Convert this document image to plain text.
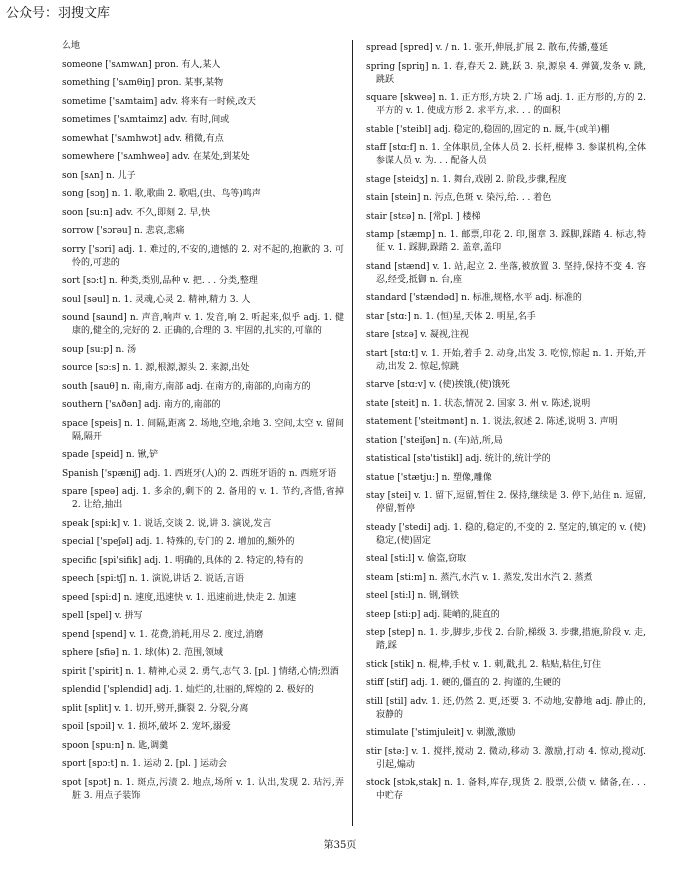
公众号：羽搜文库

么地

someone ['sʌmwʌn] pron. 有人,某人

something ['sʌmθiŋ] pron. 某事,某物

sometime ['sʌmtaim] adv. 将来有一时候,改天

sometimes ['sʌmtaimz] adv. 有时,间或

somewhat ['sʌmhwɔt] adv. 稍微,有点

somewhere ['sʌmhweə] adv. 在某处,到某处

son [sʌn] n. 儿子

song [sɔŋ] n. 1. 歌,歌曲 2. 歌唱,(虫、鸟等)鸣声

soon [su:n] adv. 不久,即刻 2. 早,快

sorrow ['sɔrəu] n. 悲哀,悲痛

sorry ['sɔri] adj. 1. 难过的,不安的,遗憾的 2. 对不起的,抱歉的 3. 可怜的,可悲的

sort [sɔ:t] n. 种类,类别,品种 v. 把. . . 分类,整理

soul [səul] n. 1. 灵魂,心灵 2. 精神,精力 3. 人

sound [saund] n. 声音,响声 v. 1. 发音,响 2. 听起来,似乎 adj. 1. 健康的,健全的,完好的 2. 正确的,合理的 3. 牢固的,扎实的,可靠的

soup [su:p] n. 汤

source [sɔ:s] n. 1. 源,根源,源头 2. 来源,出处

south [sauθ] n. 南,南方,南部 adj. 在南方的,南部的,向南方的

southern ['sʌðən] adj. 南方的,南部的

space [speis] n. 1. 间隔,距离 2. 场地,空地,余地 3. 空间,太空 v. 留间隔,隔开

spade [speid] n. 锹,铲

Spanish ['spæniʃ] adj. 1. 西班牙(人)的 2. 西班牙语的 n. 西班牙语

spare [speə] adj. 1. 多余的,剩下的 2. 备用的 v. 1. 节约,吝惜,省掉 2. 让给,抽出

speak [spi:k] v. 1. 说话,交谈 2. 说,讲 3. 演说,发言

special ['speʃəl] adj. 1. 特殊的,专门的 2. 增加的,额外的

specific [spi'sifik] adj. 1. 明确的,具体的 2. 特定的,特有的

speech [spi:tʃ] n. 1. 演说,讲话 2. 说话,言语

speed [spi:d] n. 速度,迅速快 v. 1. 迅速前进,快走 2. 加速

spell [spel] v. 拼写

spend [spend] v. 1. 花费,消耗,用尽 2. 度过,消磨

sphere [sfiə] n. 1. 球(体) 2. 范围,领域

spirit ['spirit] n. 1. 精神,心灵 2. 勇气,志气 3. [pl. ] 情绪,心情;烈酒

splendid ['splendid] adj. 1. 灿烂的,壮丽的,辉煌的 2. 极好的

split [split] v. 1. 切开,劈开,撕裂 2. 分裂,分离

spoil [spɔil] v. 1. 损坏,破坏 2. 宠坏,溺爱

spoon [spu:n] n. 匙,调羹

sport [spɔ:t] n. 1. 运动 2. [pl. ] 运动会

spot [spɔt] n. 1. 斑点,污渍 2. 地点,场所 v. 1. 认出,发现 2. 玷污,弄脏 3. 用点子装饰

spread [spred] v. / n. 1. 张开,伸展,扩展 2. 散布,传播,蔓延

spring [spriŋ] n. 1. 春,春天 2. 跳,跃 3. 泉,源泉 4. 弹簧,发条 v. 跳,跳跃

square [skweə] n. 1. 正方形,方块 2. 广场 adj. 1. 正方形的,方的 2. 平方的 v. 1. 使成方形 2. 求平方,求. . . 的面积

stable ['steibl] adj. 稳定的,稳固的,固定的 n. 厩,牛(或羊)棚

staff [stɑ:f] n. 1. 全体职员,全体人员 2. 长杆,棍棒 3. 参谋机构,全体参谋人员 v. 为. . . 配备人员

stage [steidʒ] n. 1. 舞台,戏剧 2. 阶段,步骤,程度

stain [stein] n. 污点,色斑 v. 染污,给. . . 着色

stair [stɛə] n. [常pl. ] 楼梯

stamp [stæmp] n. 1. 邮票,印花 2. 印,图章 3. 踩脚,踩踏 4. 标志,特征 v. 1. 踩脚,跺踏 2. 盖章,盖印

stand [stænd] v. 1. 站,起立 2. 坐落,被放置 3. 坚持,保持不变 4. 容忍,经受,抵御 n. 台,座

standard ['stændəd] n. 标准,规格,水平 adj. 标准的

star [stɑ:] n. 1. (恒)星,天体 2. 明星,名手

stare [stɛə] v. 凝视,注视

start [stɑ:t] v. 1. 开始,着手 2. 动身,出发 3. 吃惊,惊起 n. 1. 开始,开动,出发 2. 惊起,惊跳

starve [stɑ:v] v. (使)挨饿,(使)饿死

state [steit] n. 1. 状态,情况 2. 国家 3. 州 v. 陈述,说明

statement ['steitmənt] n. 1. 说法,叙述 2. 陈述,说明 3. 声明

station ['steiʃən] n. (车)站,所,局

statistical [stə'tistikl] adj. 统计的,统计学的

statue ['stætju:] n. 塑像,雕像

stay [stei] v. 1. 留下,逗留,暂住 2. 保持,继续是 3. 停下,站住 n. 逗留,停留,暂停

steady ['stedi] adj. 1. 稳的,稳定的,不变的 2. 坚定的,镇定的 v. (使)稳定,(使)固定

steal [sti:l] v. 偷盗,窃取

steam [sti:m] n. 蒸汽,水汽 v. 1. 蒸发,发出水汽 2. 蒸煮

steel [sti:l] n. 钢,钢铁

steep [sti:p] adj. 陡峭的,陡直的

step [step] n. 1. 步,脚步,步伐 2. 台阶,梯级 3. 步骤,措施,阶段 v. 走,踏,踩

stick [stik] n. 棍,棒,手杖 v. 1. 刺,戳,扎 2. 粘贴,粘住,钉住

stiff [stif] adj. 1. 硬的,僵直的 2. 拘谨的,生硬的

still [stil] adv. 1. 还,仍然 2. 更,还要 3. 不动地,安静地 adj. 静止的,寂静的

stimulate ['stimjuleit] v. 刺激,激励

stir [stə:] v. 1. 搅拌,搅动 2. 微动,移动 3. 激励,打动 4. 惊动,搅动ʃ. 引起,煽动

stock [stɔk,stak] n. 1. 备料,库存,现货 2. 股票,公债 v. 储备,在. . . 中贮存

第35页
